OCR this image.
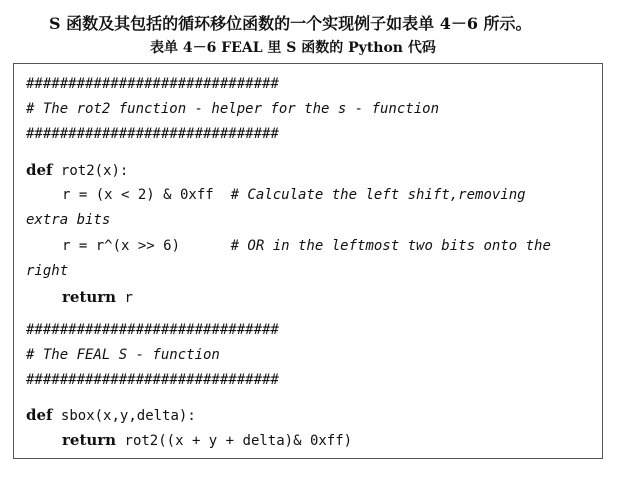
S 函数及其包括的循环移位函数的一个实现例子如表单 4－6 所示。
表单 4－6 FEAL 里 S 函数的 Python 代码
##############################
# The rot2 function - helper for the s - function
##############################
def rot2(x):
r = (x < 2) & 0xff  # Calculate the left shift,removing
extra bits
r = r^(x >> 6)      # OR in the leftmost two bits onto the
right
return r
##############################
# The FEAL S - function
##############################
def sbox(x,y,delta):
return rot2((x + y + delta)& 0xff)
